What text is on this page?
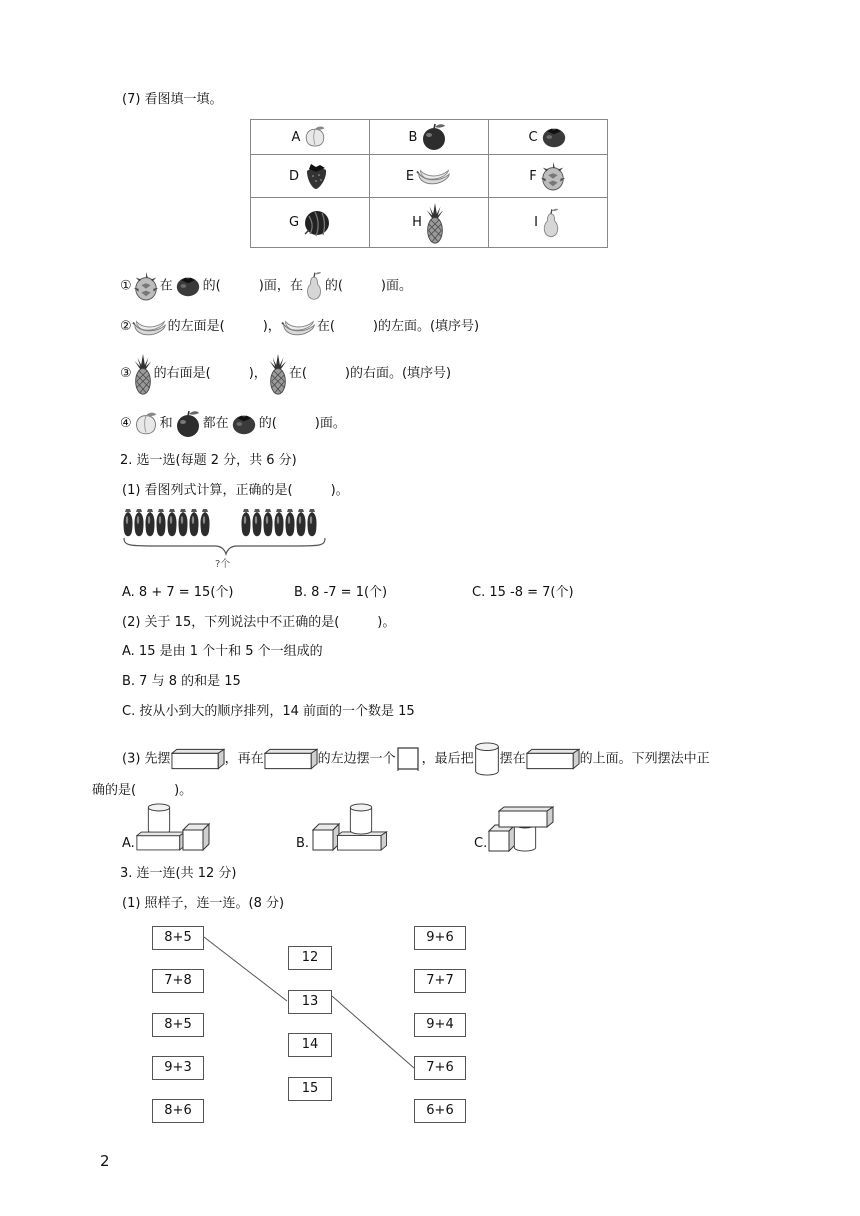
(7) 看图填一填。
A	B	C
D	E	F
G	H	I
① 在 的(	)面，在 的(	)面。
②	的左面是(	)，	在(	)的左面。(填序号)
③ 的右面是(	)， 在(	)的右面。(填序号)
④ 和 都在 的(	)面。
2. 选一选(每题 2 分，共 6 分)
(1) 看图列式计算，正确的是(	)。
?个
A. 8 + 7 = 15(个)	B. 8 -7 = 1(个)	C. 15 -8 = 7(个)
(2) 关于 15，下列说法中不正确的是(	)。
A. 15 是由 1 个十和 5 个一组成的
B. 7 与 8 的和是 15
C. 按从小到大的顺序排列，14 前面的一个数是 15
(3) 先摆	，再在	的左边摆一个 ，最后把 摆在	的上面。下列摆法中正
确的是(	)。
A.	B.	C.
3. 连一连(共 12 分)
(1) 照样子，连一连。(8 分)
8+5
7+8
8+5
9+3
8+6
12
13
14
15
9+6
7+7
9+4
7+6
6+6
2
